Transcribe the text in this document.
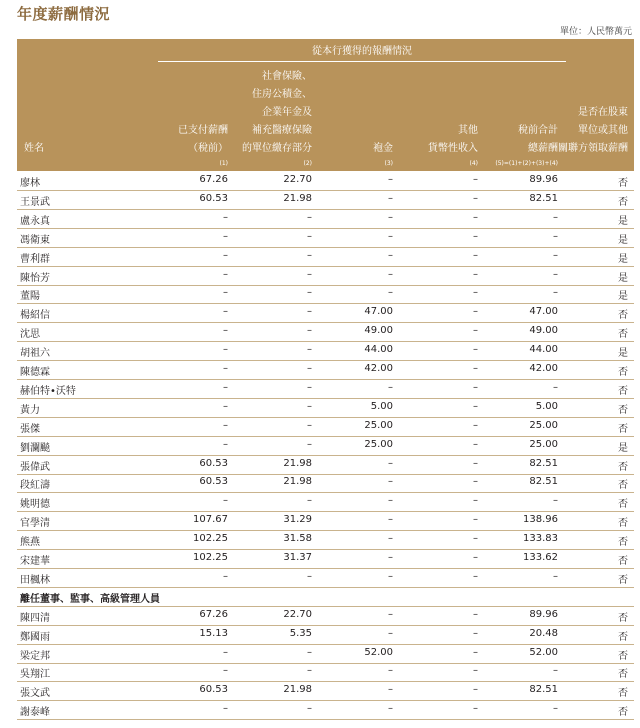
年度薪酬情況
單位：人民幣萬元
從本行獲得的報酬情況
姓名
已支付薪酬
（稅前）
(1)
社會保險、
住房公積金、
企業年金及
補充醫療保險
的單位繳存部分
(2)
袍金
(3)
其他
貨幣性收入
(4)
稅前合計
總薪酬
(5)=(1)+(2)+(3)+(4)
是否在股東
單位或其他
關聯方領取薪酬
廖林	67.26	22.70	–	–	89.96	否
王景武	60.53	21.98	–	–	82.51	否
盧永真	–	–	–	–	–	是
馮衛東	–	–	–	–	–	是
曹利群	–	–	–	–	–	是
陳怡芳	–	–	–	–	–	是
董陽	–	–	–	–	–	是
楊紹信	–	–	47.00	–	47.00	否
沈思	–	–	49.00	–	49.00	否
胡祖六	–	–	44.00	–	44.00	是
陳德霖	–	–	42.00	–	42.00	否
赫伯特•沃特	–	–	–	–	–	否
黃力	–	–	5.00	–	5.00	否
張傑	–	–	25.00	–	25.00	否
劉瀾飈	–	–	25.00	–	25.00	是
張偉武	60.53	21.98	–	–	82.51	否
段紅濤	60.53	21.98	–	–	82.51	否
姚明德	–	–	–	–	–	否
官學清	107.67	31.29	–	–	138.96	否
熊燕	102.25	31.58	–	–	133.83	否
宋建華	102.25	31.37	–	–	133.62	否
田楓林	–	–	–	–	–	否
離任董事、監事、高級管理人員
陳四清	67.26	22.70	–	–	89.96	否
鄭國雨	15.13	5.35	–	–	20.48	否
梁定邦	–	–	52.00	–	52.00	否
吳翔江	–	–	–	–	–	否
張文武	60.53	21.98	–	–	82.51	否
謝泰峰	–	–	–	–	–	否
